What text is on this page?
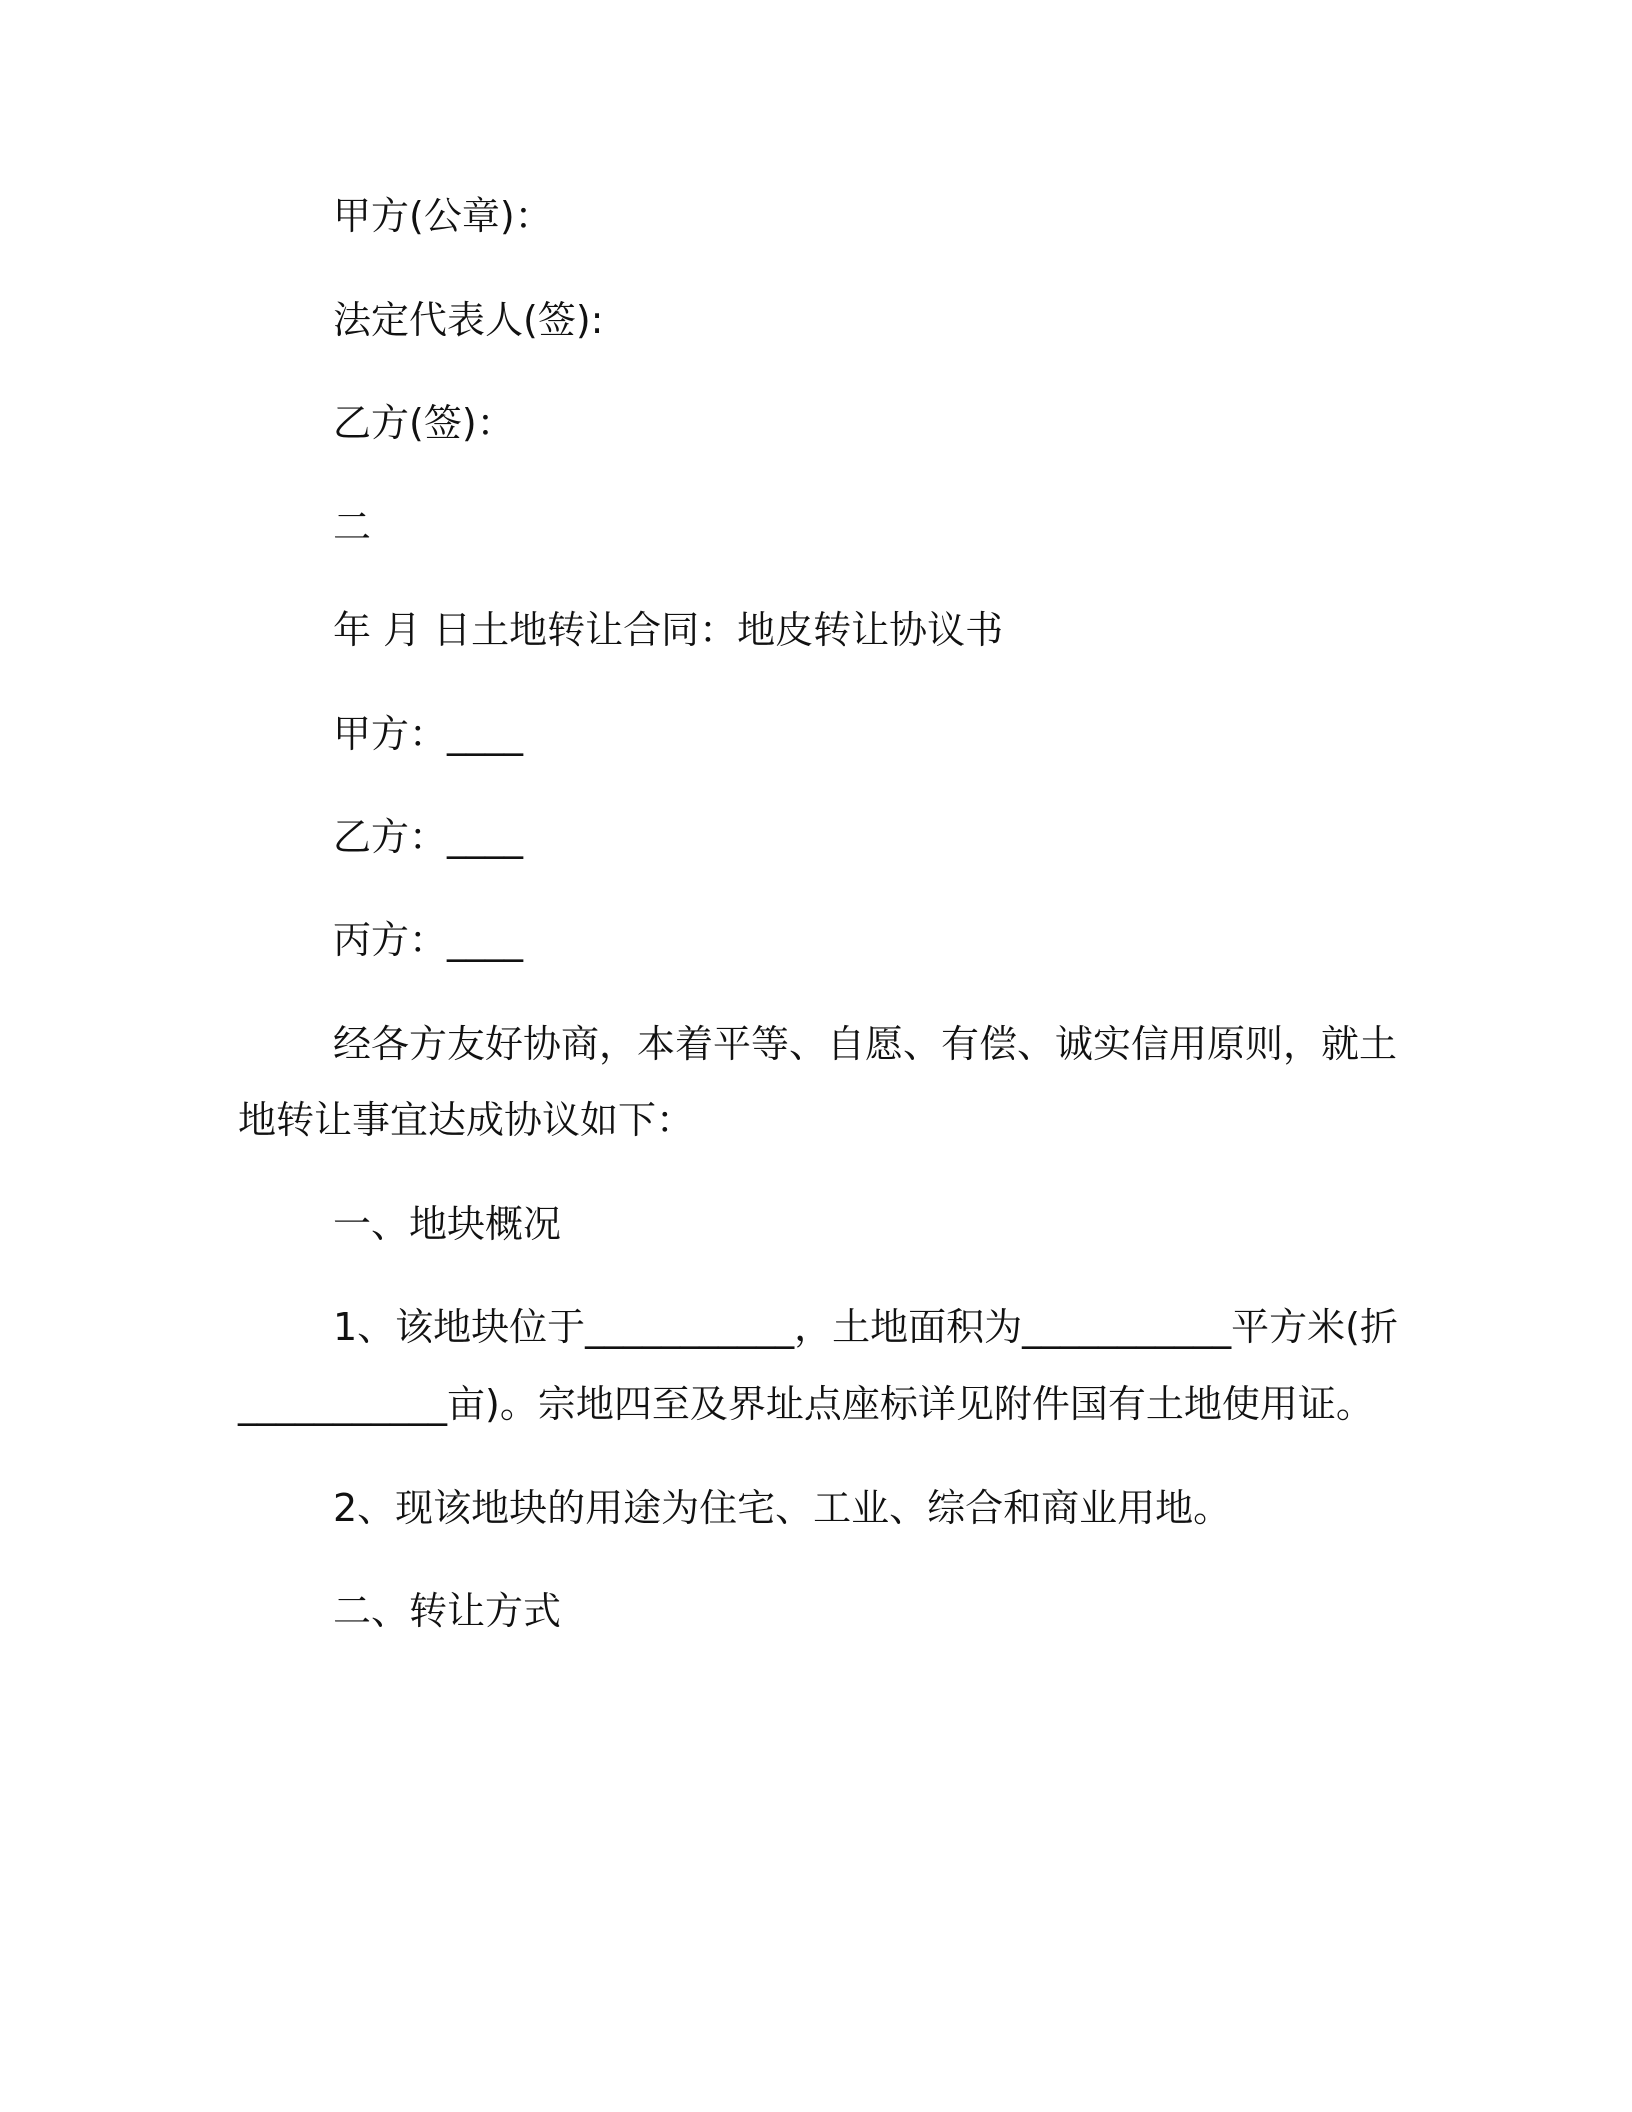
甲方(公章)：
法定代表人(签):
乙方(签)：
二
年 月 日土地转让合同：地皮转让协议书
甲方：____
乙方：____
丙方：____
经各方友好协商，本着平等、自愿、有偿、诚实信用原则，就土
地转让事宜达成协议如下：
一、地块概况
1、该地块位于___________，土地面积为___________平方米(折
___________亩)。宗地四至及界址点座标详见附件国有土地使用证。
2、现该地块的用途为住宅、工业、综合和商业用地。
二、转让方式
